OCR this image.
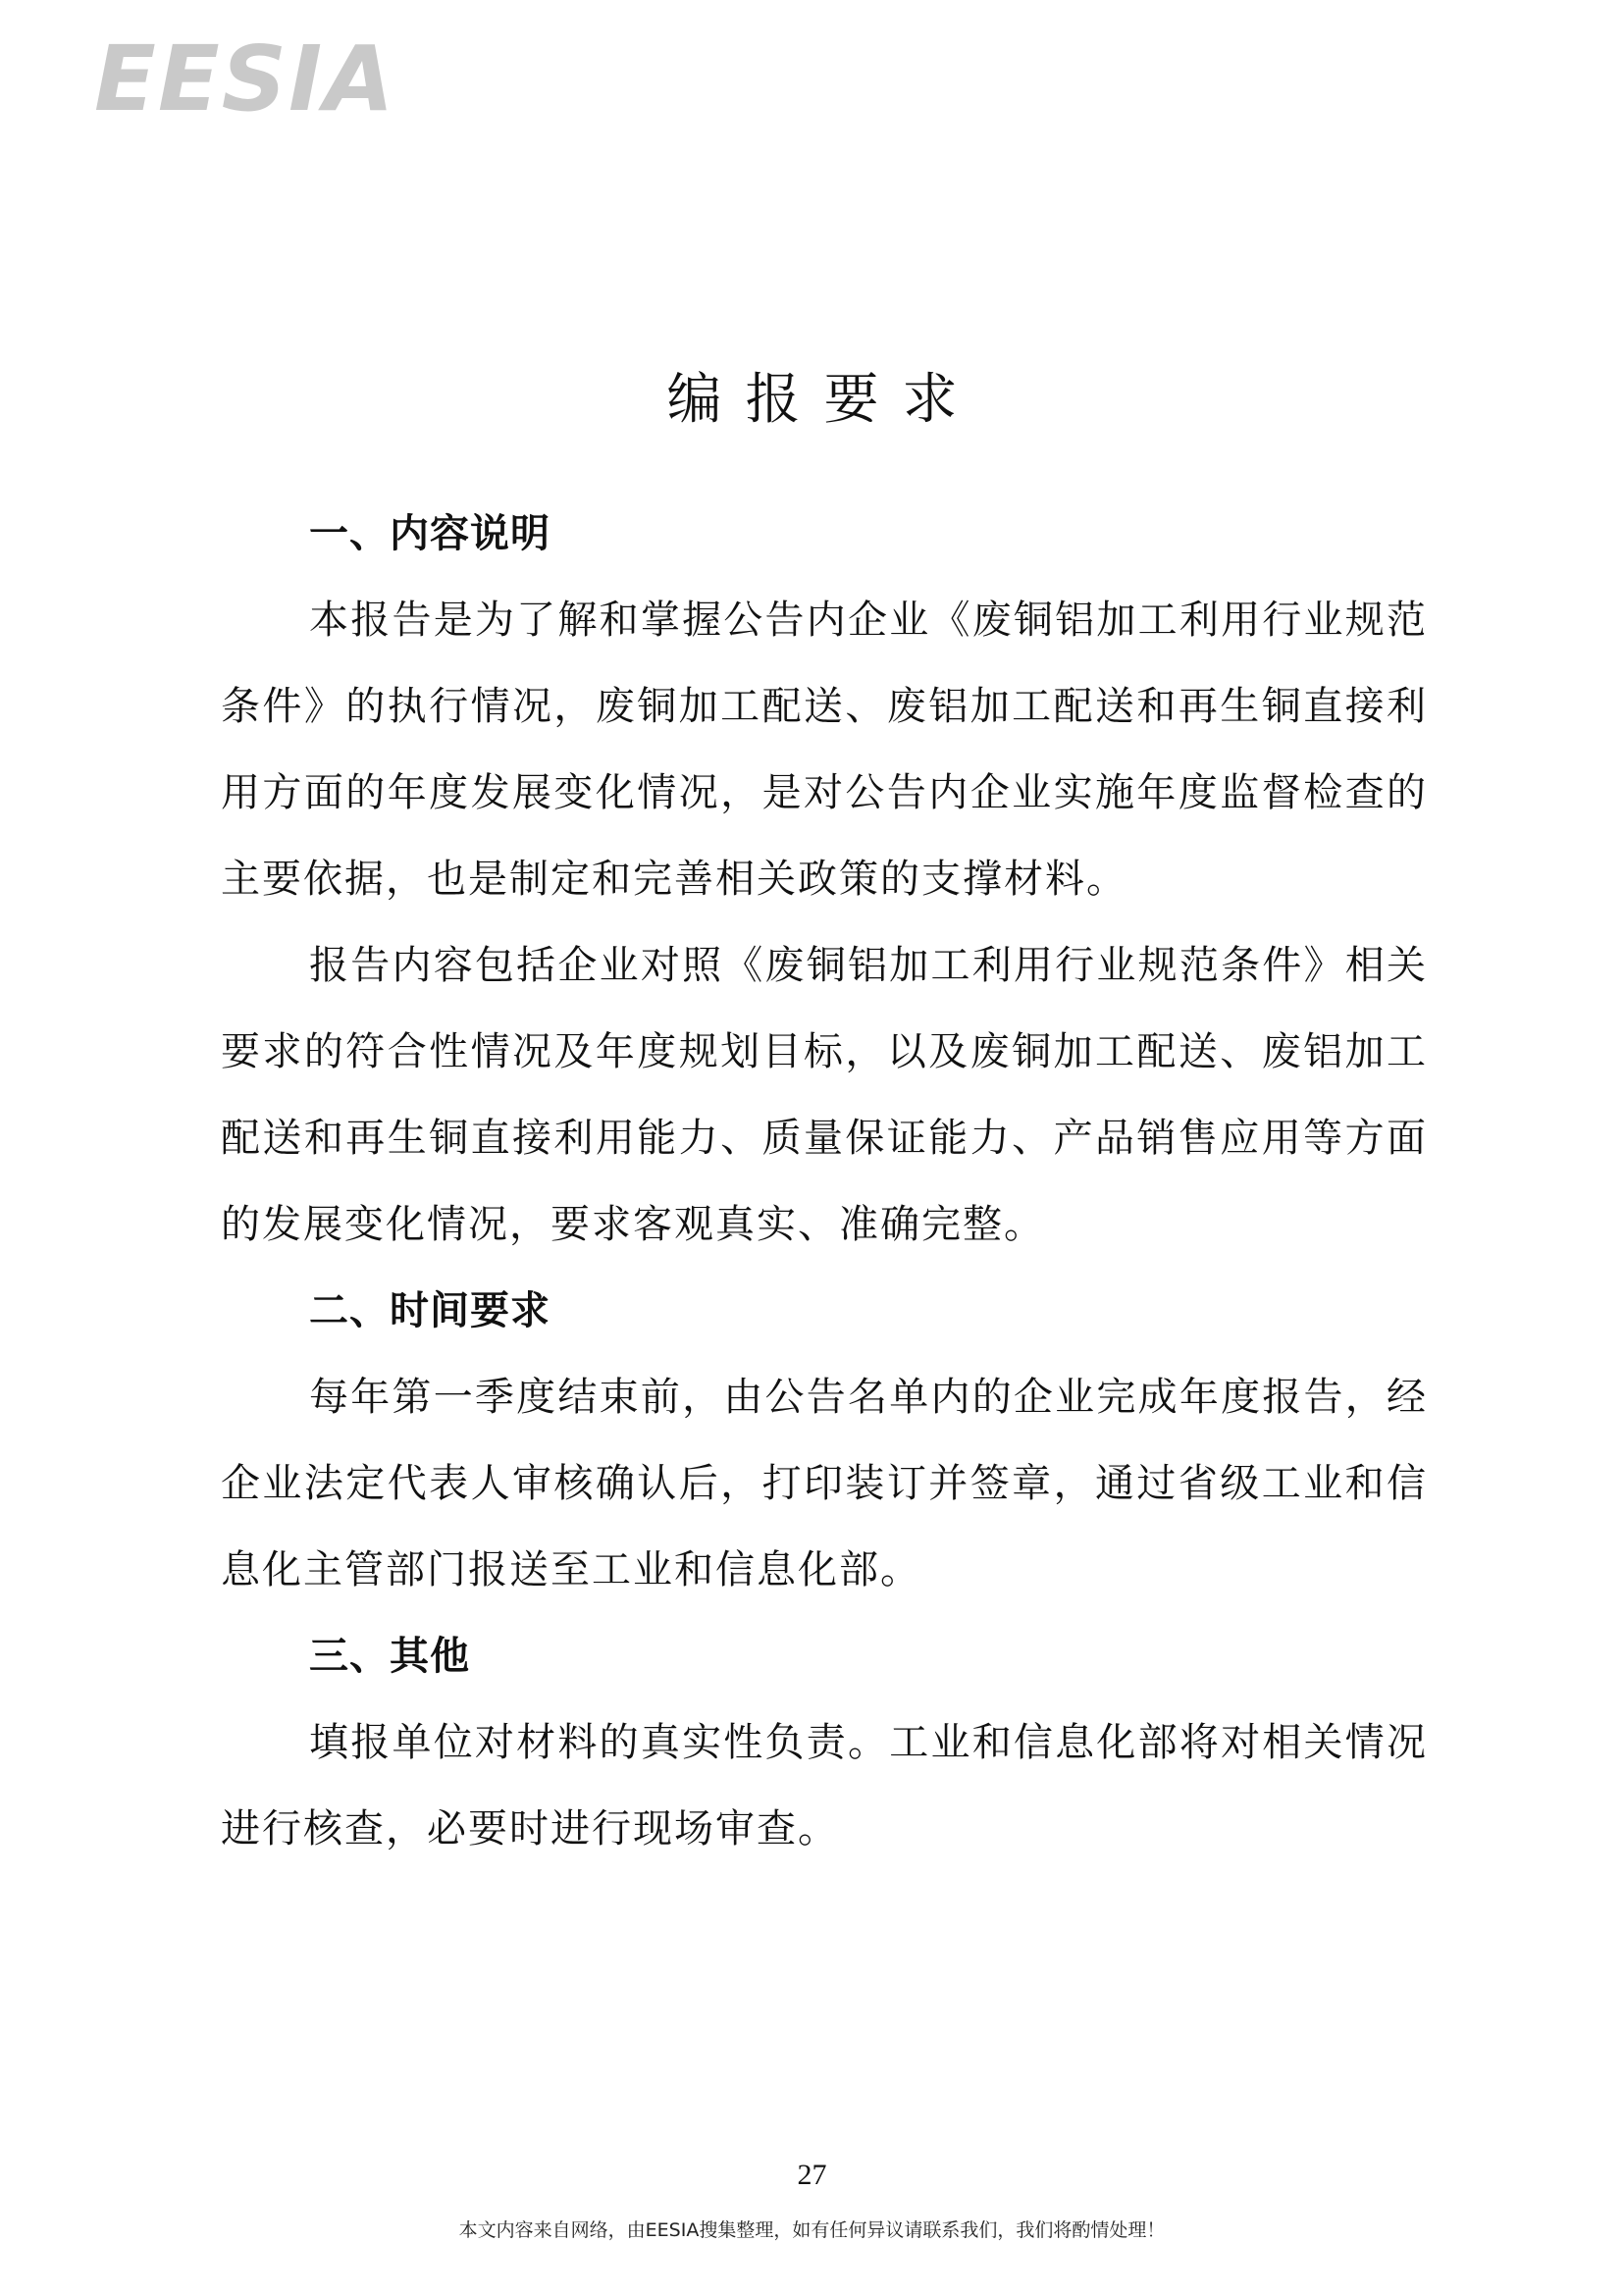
EESIA
编报要求

一、内容说明

本报告是为了解和掌握公告内企业《废铜铝加工利用行业规范条件》的执行情况，废铜加工配送、废铝加工配送和再生铜直接利用方面的年度发展变化情况，是对公告内企业实施年度监督检查的主要依据，也是制定和完善相关政策的支撑材料。

报告内容包括企业对照《废铜铝加工利用行业规范条件》相关要求的符合性情况及年度规划目标，以及废铜加工配送、废铝加工配送和再生铜直接利用能力、质量保证能力、产品销售应用等方面的发展变化情况，要求客观真实、准确完整。

二、时间要求

每年第一季度结束前，由公告名单内的企业完成年度报告，经企业法定代表人审核确认后，打印装订并签章，通过省级工业和信息化主管部门报送至工业和信息化部。

三、其他

填报单位对材料的真实性负责。工业和信息化部将对相关情况进行核查，必要时进行现场审查。

27
本文内容来自网络，由EESIA搜集整理，如有任何异议请联系我们，我们将酌情处理！
